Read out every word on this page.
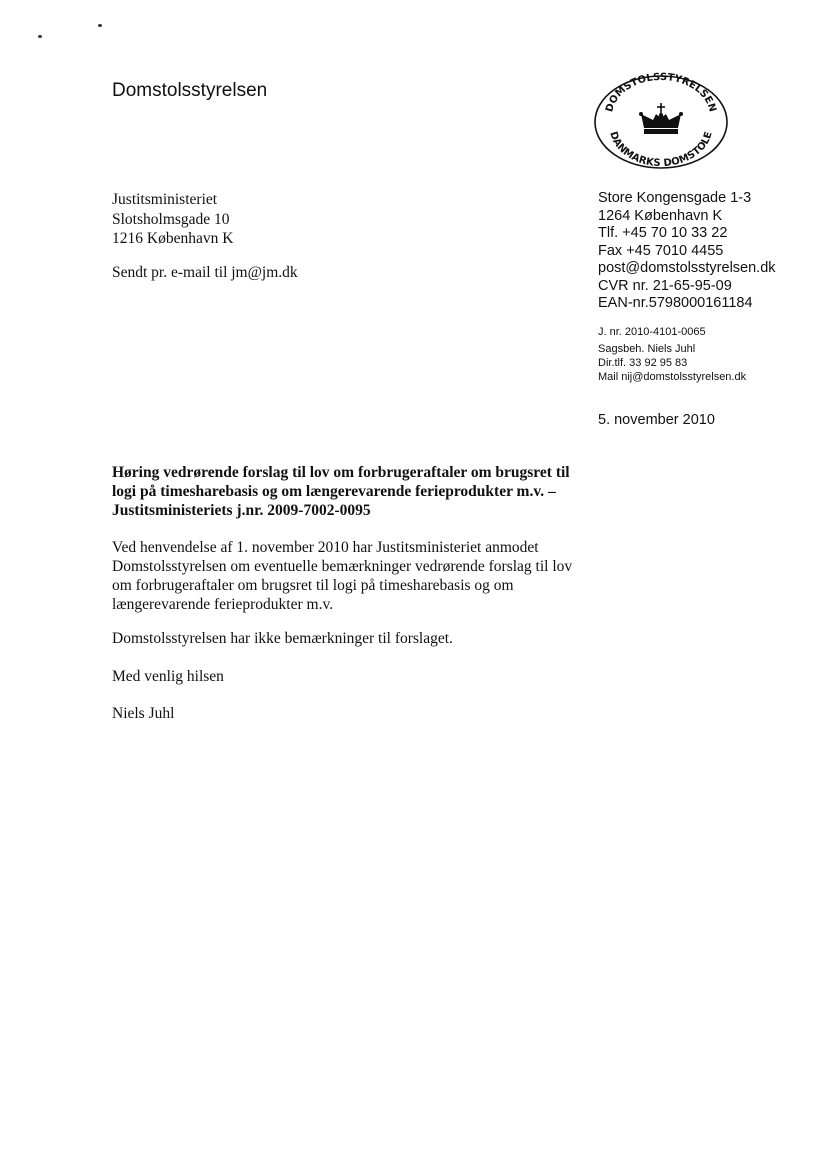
Domstolsstyrelsen
DOMSTOLSSTYRELSEN
DANMARKS DOMSTOLE
Justitsministeriet
Slotsholmsgade 10
1216 København K
Sendt pr. e-mail til jm@jm.dk
Store Kongensgade 1-3
1264 København K
Tlf. +45 70 10 33 22
Fax +45 7010 4455
post@domstolsstyrelsen.dk
CVR nr. 21-65-95-09
EAN-nr.5798000161184
J. nr. 2010-4101-0065
Sagsbeh. Niels Juhl
Dir.tlf. 33 92 95 83
Mail nij@domstolsstyrelsen.dk
5. november 2010
Høring vedrørende forslag til lov om forbrugeraftaler om brugsret til
logi på timesharebasis og om længerevarende ferieprodukter m.v. –
Justitsministeriets j.nr. 2009-7002-0095
Ved henvendelse af 1. november 2010 har Justitsministeriet anmodet
Domstolsstyrelsen om eventuelle bemærkninger vedrørende forslag til lov
om forbrugeraftaler om brugsret til logi på timesharebasis og om
længerevarende ferieprodukter m.v.
Domstolsstyrelsen har ikke bemærkninger til forslaget.
Med venlig hilsen
Niels Juhl
